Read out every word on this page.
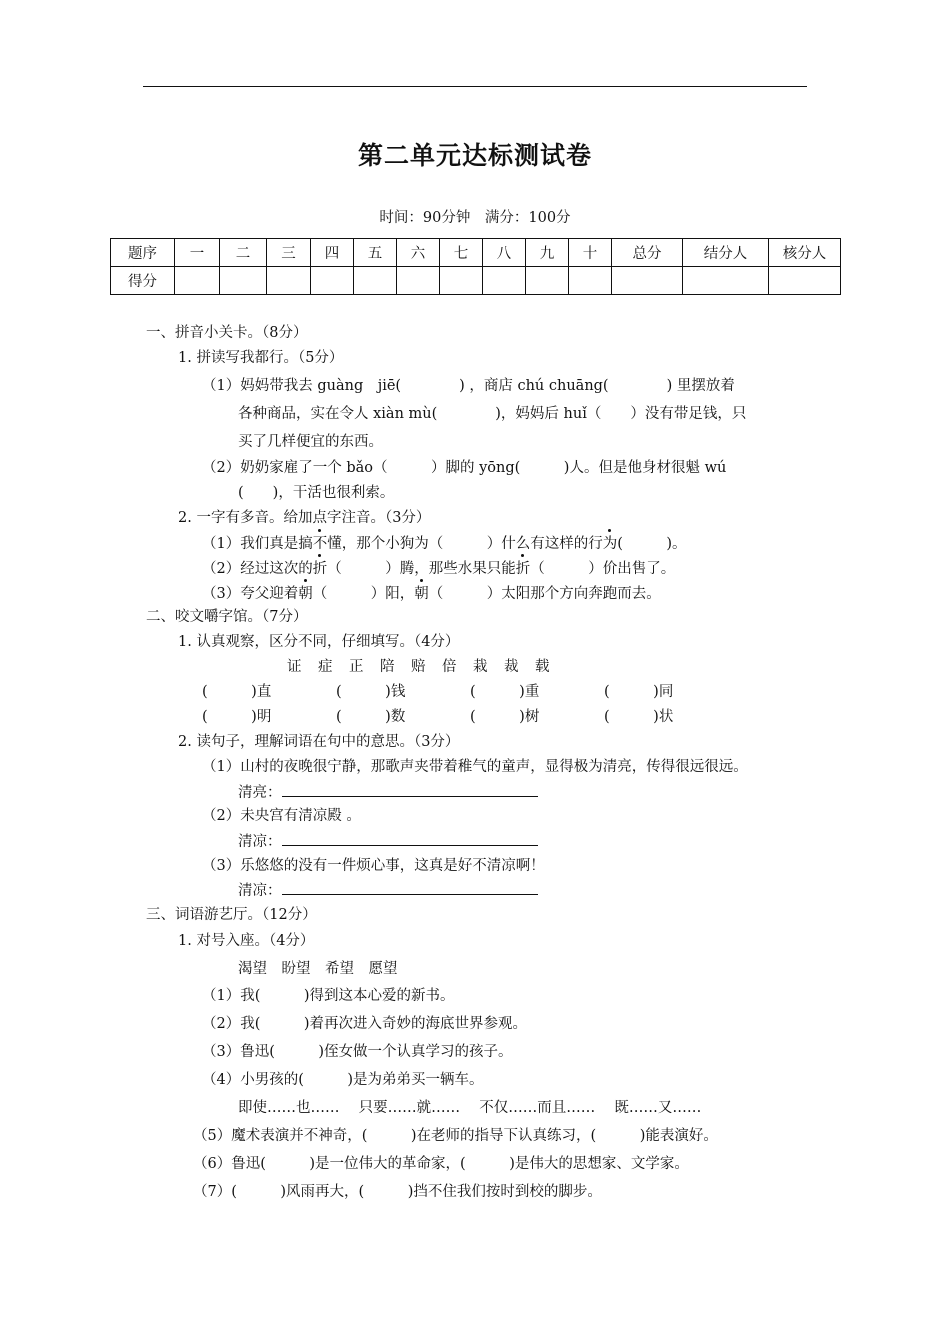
第二单元达标测试卷
时间：90分钟　满分：100分
题序	一	二	三	四	五	六	七	八	九	十	总分	结分人	核分人
得分													
一、拼音小关卡。（8分）
1. 拼读写我都行。（5分）
（1）妈妈带我去 guàng　jiē(　　　　) ，商店 chú chuāng(　　　　) 里摆放着
各种商品，实在令人 xiàn mù(　　　　)，妈妈后 huǐ（　　）没有带足钱，只
买了几样便宜的东西。
（2）奶奶家雇了一个 bǎo（　　　）脚的 yōng(　　　)人。但是他身材很魁 wú
(　　)，干活也很利索。
2. 一字有多音。给加点字注音。（3分）
（1）我们真是搞不懂，那个小狗为（　　　）什么有这样的行为(　　　)。
（2）经过这次的折（　　　）腾，那些水果只能折（　　　）价出售了。
（3）夸父迎着朝（　　　）阳，朝（　　　）太阳那个方向奔跑而去。
二、咬文嚼字馆。（7分）
1. 认真观察，区分不同，仔细填写。（4分）
证　症　正　陪　赔　倍　栽　裁　载
(　　　)直	(　　　)钱	(　　　)重	(　　　)同
(　　　)明	(　　　)数	(　　　)树	(　　　)状
2. 读句子，理解词语在句中的意思。（3分）
（1）山村的夜晚很宁静，那歌声夹带着稚气的童声，显得极为清亮，传得很远很远。
清亮：
（2）未央宫有清凉殿 。
清凉：
（3）乐悠悠的没有一件烦心事，这真是好不清凉啊！
清凉：
三、词语游艺厅。（12分）
1. 对号入座。（4分）
渴望　盼望　希望　愿望
（1）我(　　　)得到这本心爱的新书。
（2）我(　　　)着再次进入奇妙的海底世界参观。
（3）鲁迅(　　　)侄女做一个认真学习的孩子。
（4）小男孩的(　　　)是为弟弟买一辆车。
即使……也……　 只要……就……　 不仅……而且……　 既……又……
（5）魔术表演并不神奇，(　　　)在老师的指导下认真练习，(　　　)能表演好。
（6）鲁迅(　　　)是一位伟大的革命家，(　　　)是伟大的思想家、文学家。
（7）(　　　)风雨再大，(　　　)挡不住我们按时到校的脚步。
